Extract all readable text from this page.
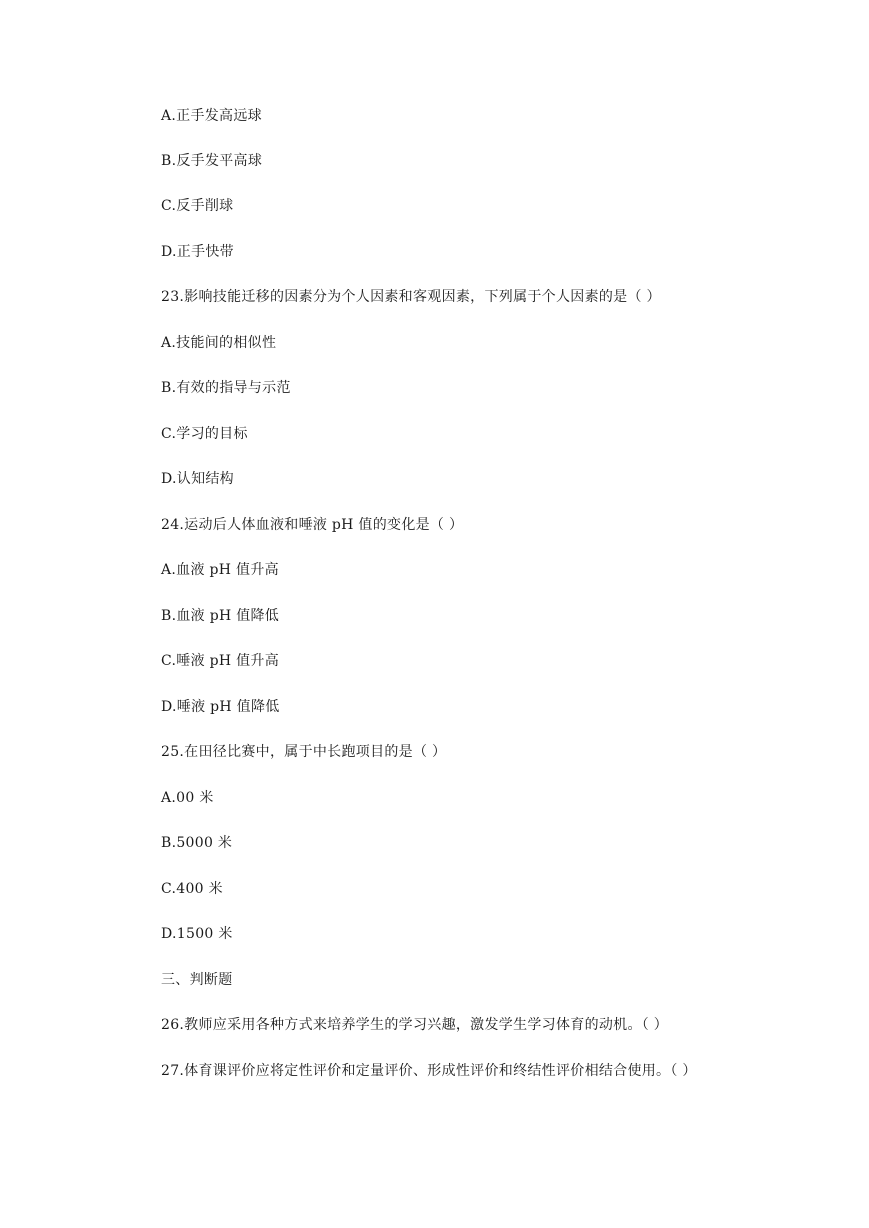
A.正手发高远球
B.反手发平高球
C.反手削球
D.正手快带
23.影响技能迁移的因素分为个人因素和客观因素，下列属于个人因素的是（ ）
A.技能间的相似性
B.有效的指导与示范
C.学习的目标
D.认知结构
24.运动后人体血液和唾液 pH 值的变化是（ ）
A.血液 pH 值升高
B.血液 pH 值降低
C.唾液 pH 值升高
D.唾液 pH 值降低
25.在田径比赛中，属于中长跑项目的是（ ）
A.00 米
B.5000 米
C.400 米
D.1500 米
三、判断题
26.教师应采用各种方式来培养学生的学习兴趣，激发学生学习体育的动机。（ ）
27.体育课评价应将定性评价和定量评价、形成性评价和终结性评价相结合使用。（ ）
